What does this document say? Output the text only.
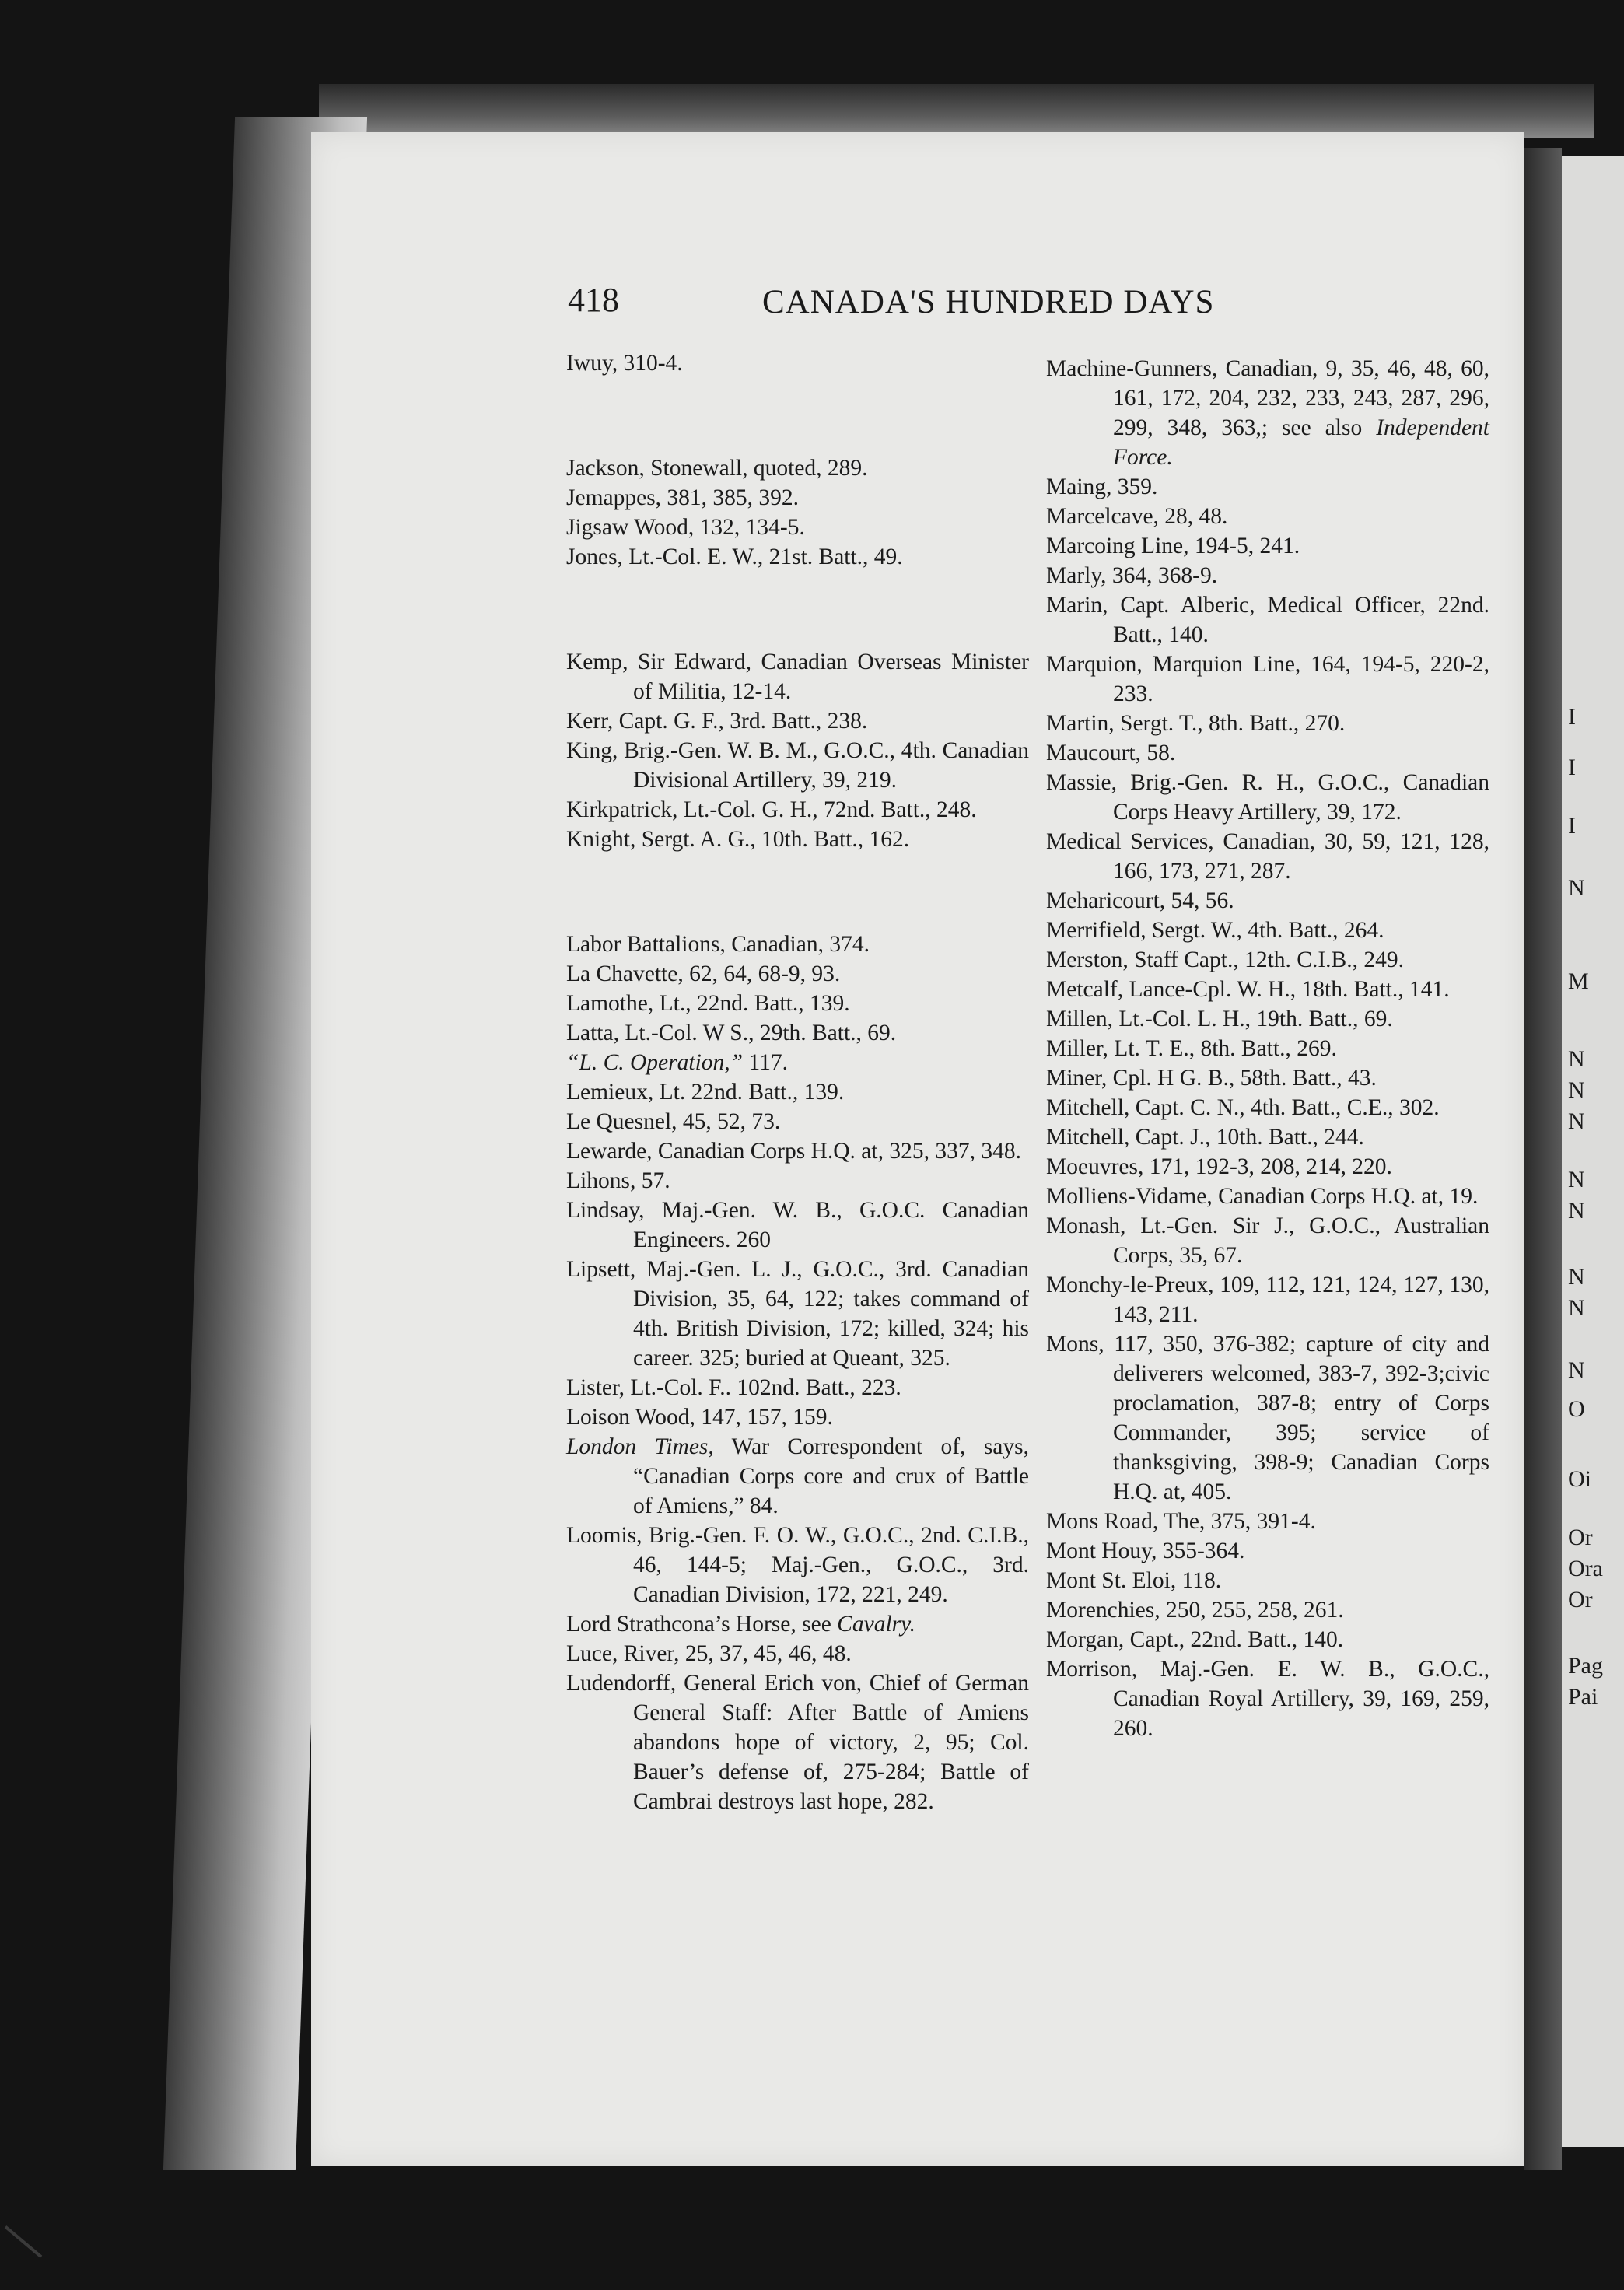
I
I
I
N
M
N
N
N
N
N
N
N
N
O
Oi
Or
Ora
Or
Pag
Pai
418	CANADA'S HUNDRED DAYS

Iwuy, 310-4.

Jackson, Stonewall, quoted, 289.

Jemappes, 381, 385, 392.

Jigsaw Wood, 132, 134-5.

Jones, Lt.-Col. E. W., 21st. Batt., 49.

Kemp, Sir Edward, Canadian Overseas Minister of Militia, 12-14.

Kerr, Capt. G. F., 3rd. Batt., 238.

King, Brig.-Gen. W. B. M., G.O.C., 4th. Canadian Divisional Artillery, 39, 219.

Kirkpatrick, Lt.-Col. G. H., 72nd. Batt., 248.

Knight, Sergt. A. G., 10th. Batt., 162.

Labor Battalions, Canadian, 374.

La Chavette, 62, 64, 68-9, 93.

Lamothe, Lt., 22nd. Batt., 139.

Latta, Lt.-Col. W S., 29th. Batt., 69.

“L. C. Operation,” 117.

Lemieux, Lt. 22nd. Batt., 139.

Le Quesnel, 45, 52, 73.

Lewarde, Canadian Corps H.Q. at, 325, 337, 348.

Lihons, 57.

Lindsay, Maj.-Gen. W. B., G.O.C. Canadian Engineers. 260

Lipsett, Maj.-Gen. L. J., G.O.C., 3rd. Canadian Division, 35, 64, 122; takes command of 4th. British Division, 172; killed, 324; his career. 325; buried at Queant, 325.

Lister, Lt.-Col. F.. 102nd. Batt., 223.

Loison Wood, 147, 157, 159.

London Times, War Correspondent of, says, “Canadian Corps core and crux of Battle of Amiens,” 84.

Loomis, Brig.-Gen. F. O. W., G.O.C., 2nd. C.I.B., 46, 144-5; Maj.-Gen., G.O.C., 3rd. Canadian Division, 172, 221, 249.

Lord Strathcona’s Horse, see Cavalry.

Luce, River, 25, 37, 45, 46, 48.

Ludendorff, General Erich von, Chief of German General Staff: After Battle of Amiens abandons hope of victory, 2, 95; Col. Bauer’s defense of, 275-284; Battle of Cambrai destroys last hope, 282.

Machine-Gunners, Canadian, 9, 35, 46, 48, 60, 161, 172, 204, 232, 233, 243, 287, 296, 299, 348, 363,; see also Independent Force.

Maing, 359.

Marcelcave, 28, 48.

Marcoing Line, 194-5, 241.

Marly, 364, 368-9.

Marin, Capt. Alberic, Medical Officer, 22nd. Batt., 140.

Marquion, Marquion Line, 164, 194-5, 220-2, 233.

Martin, Sergt. T., 8th. Batt., 270.

Maucourt, 58.

Massie, Brig.-Gen. R. H., G.O.C., Canadian Corps Heavy Artillery, 39, 172.

Medical Services, Canadian, 30, 59, 121, 128, 166, 173, 271, 287.

Meharicourt, 54, 56.

Merrifield, Sergt. W., 4th. Batt., 264.

Merston, Staff Capt., 12th. C.I.B., 249.

Metcalf, Lance-Cpl. W. H., 18th. Batt., 141.

Millen, Lt.-Col. L. H., 19th. Batt., 69.

Miller, Lt. T. E., 8th. Batt., 269.

Miner, Cpl. H G. B., 58th. Batt., 43.

Mitchell, Capt. C. N., 4th. Batt., C.E., 302.

Mitchell, Capt. J., 10th. Batt., 244.

Moeuvres, 171, 192-3, 208, 214, 220.

Molliens-Vidame, Canadian Corps H.Q. at, 19.

Monash, Lt.-Gen. Sir J., G.O.C., Australian Corps, 35, 67.

Monchy-le-Preux, 109, 112, 121, 124, 127, 130, 143, 211.

Mons, 117, 350, 376-382; capture of city and deliverers welcomed, 383-7, 392-3;civic proclamation, 387-8; entry of Corps Commander, 395; service of thanksgiving, 398-9; Canadian Corps H.Q. at, 405.

Mons Road, The, 375, 391-4.

Mont Houy, 355-364.

Mont St. Eloi, 118.

Morenchies, 250, 255, 258, 261.

Morgan, Capt., 22nd. Batt., 140.

Morrison, Maj.-Gen. E. W. B., G.O.C., Canadian Royal Artillery, 39, 169, 259, 260.
